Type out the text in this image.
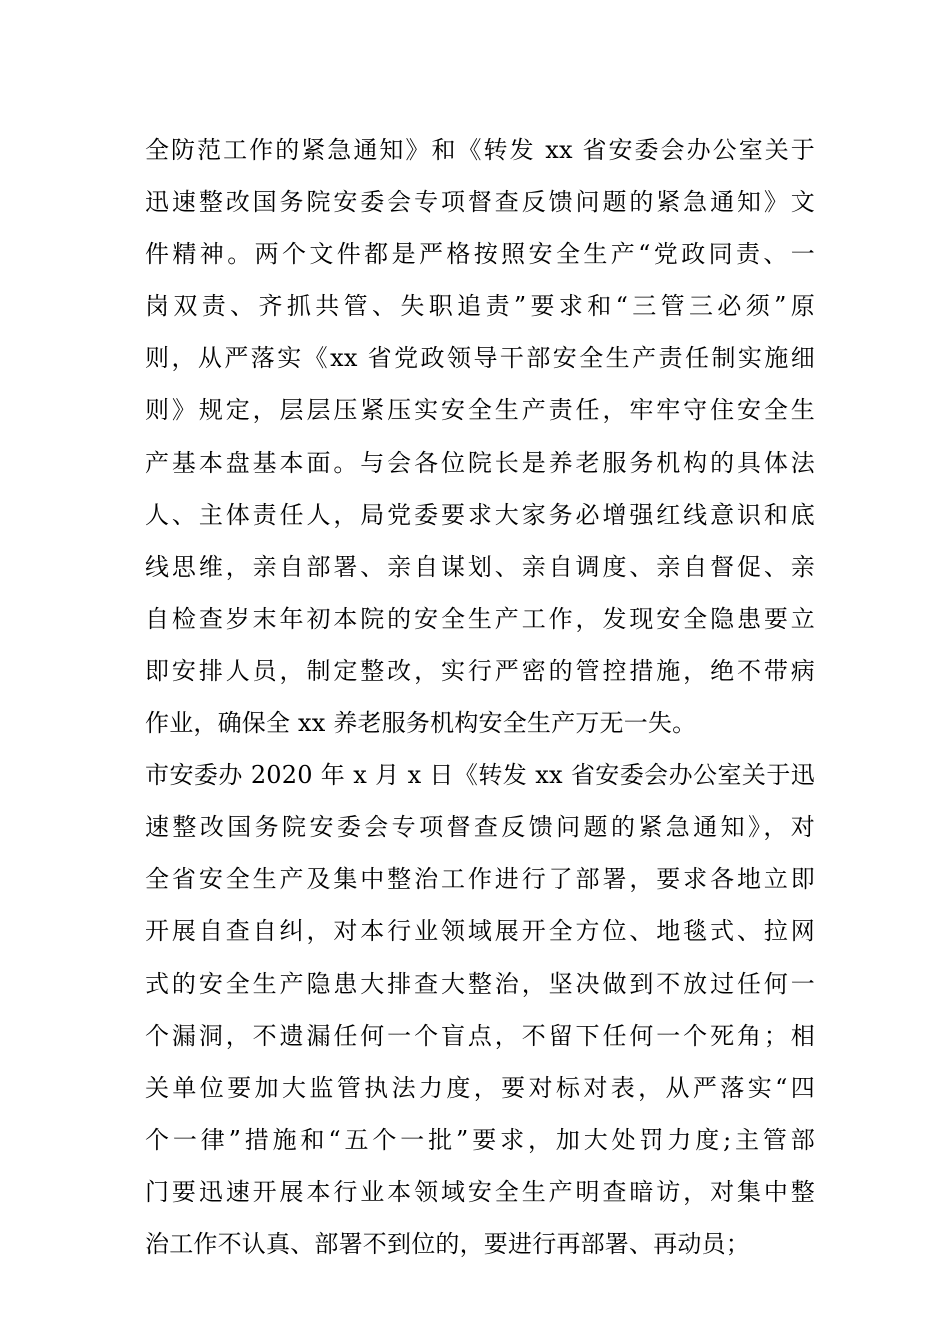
全防范工作的紧急通知》和《转发 xx 省安委会办公室关于
迅速整改国务院安委会专项督查反馈问题的紧急通知》文
件精神。两个文件都是严格按照安全生产“党政同责、一
岗双责、齐抓共管、失职追责”要求和“三管三必须”原
则，从严落实《xx 省党政领导干部安全生产责任制实施细
则》规定，层层压紧压实安全生产责任，牢牢守住安全生
产基本盘基本面。与会各位院长是养老服务机构的具体法
人、主体责任人，局党委要求大家务必增强红线意识和底
线思维，亲自部署、亲自谋划、亲自调度、亲自督促、亲
自检查岁末年初本院的安全生产工作，发现安全隐患要立
即安排人员，制定整改，实行严密的管控措施，绝不带病
作业，确保全 xx 养老服务机构安全生产万无一失。

市安委办 2020 年 x 月 x 日《转发 xx 省安委会办公室关于迅
速整改国务院安委会专项督查反馈问题的紧急通知》，对
全省安全生产及集中整治工作进行了部署，要求各地立即
开展自查自纠，对本行业领域展开全方位、地毯式、拉网
式的安全生产隐患大排查大整治，坚决做到不放过任何一
个漏洞，不遗漏任何一个盲点，不留下任何一个死角；相
关单位要加大监管执法力度，要对标对表，从严落实“四
个一律”措施和“五个一批”要求，加大处罚力度;主管部
门要迅速开展本行业本领域安全生产明查暗访，对集中整
治工作不认真、部署不到位的，要进行再部署、再动员；
